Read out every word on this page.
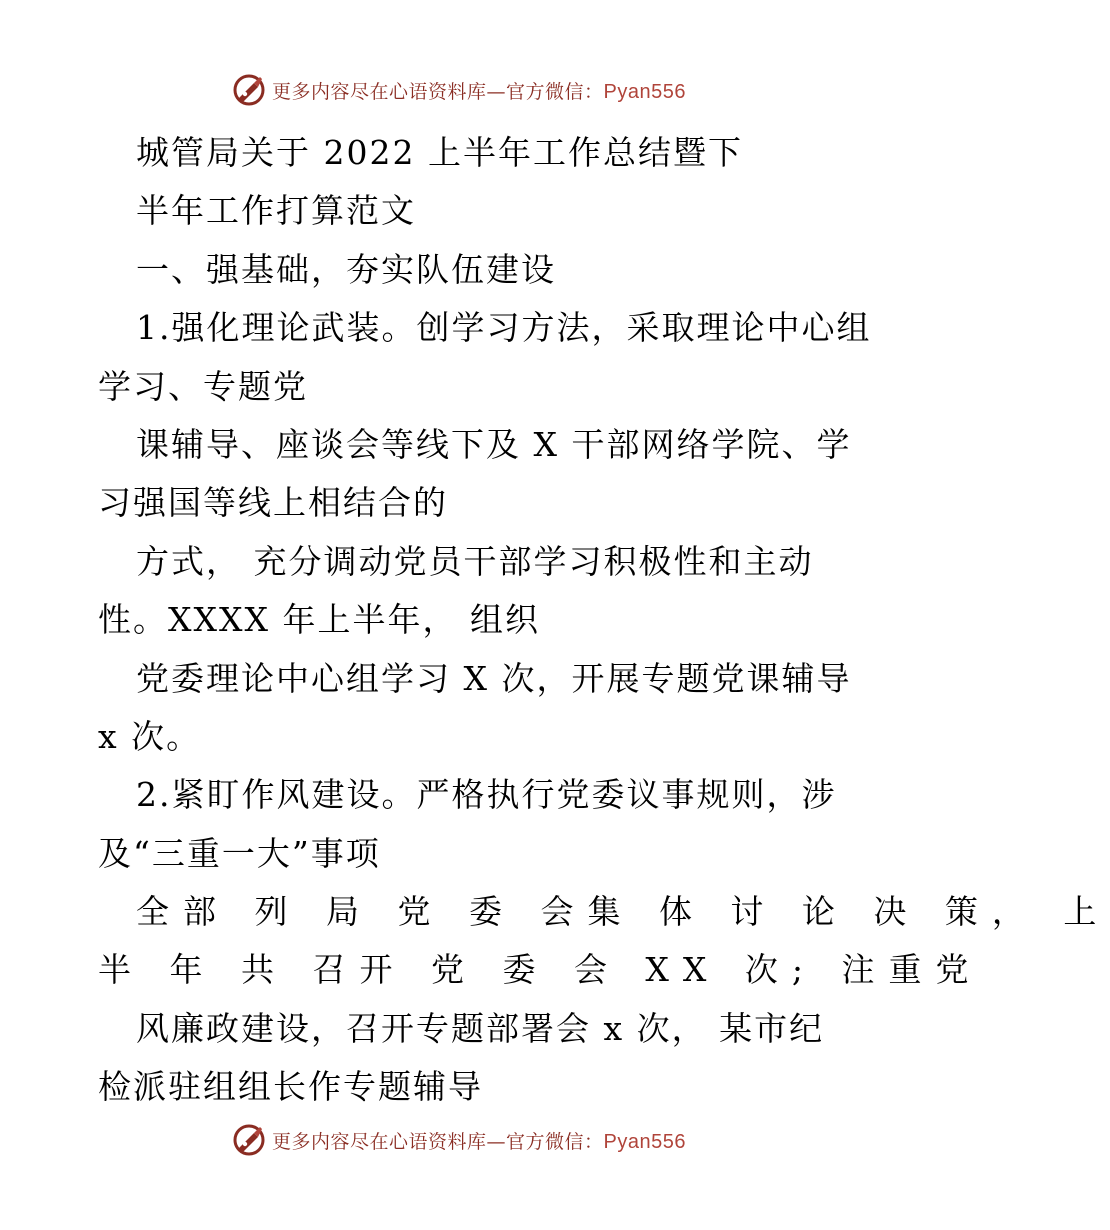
更多内容尽在心语资料库—官方微信：Pyan556
城管局关于 2022 上半年工作总结暨下
半年工作打算范文
一、强基础，夯实队伍建设
1.强化理论武装。创学习方法，采取理论中心组
学习、专题党
课辅导、座谈会等线下及 X 干部网络学院、学
习强国等线上相结合的
方式， 充分调动党员干部学习积极性和主动
性。XXXX 年上半年， 组织
党委理论中心组学习 X 次，开展专题党课辅导
x 次。
2.紧盯作风建设。严格执行党委议事规则，涉
及“三重一大”事项
全部 列 局 党 委 会集 体 讨 论 决 策， 上
半 年 共 召开 党 委 会 XX 次; 注重党
风廉政建设，召开专题部署会 x 次， 某市纪
检派驻组组长作专题辅导
更多内容尽在心语资料库—官方微信：Pyan556
